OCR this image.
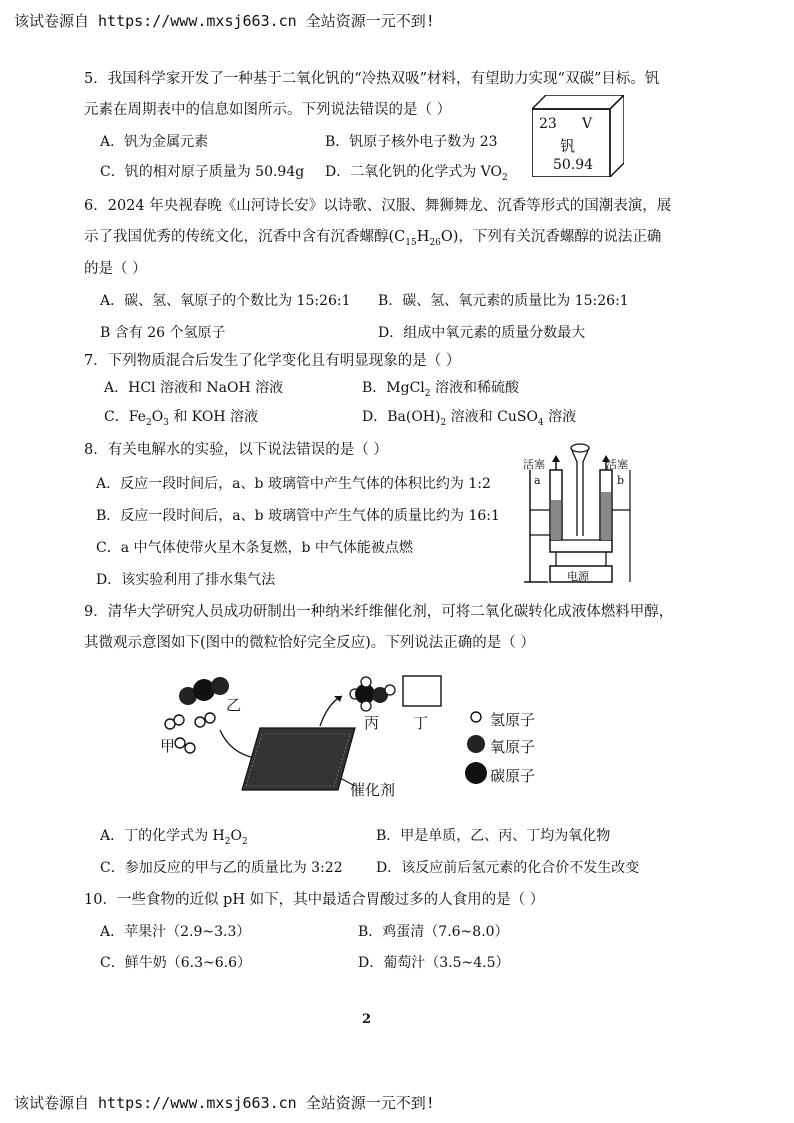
该试卷源自 https://www.mxsj663.cn 全站资源一元不到!
5．我国科学家开发了一种基于二氧化钒的“冷热双吸”材料，有望助力实现“双碳”目标。钒
元素在周期表中的信息如图所示。下列说法错误的是（ ）
A．钒为金属元素	B．钒原子核外电子数为 23
C．钒的相对原子质量为 50.94g D．二氧化钒的化学式为 $VO_2$
23 V
钒
50.94
6．2024 年央视春晚《山河诗长安》以诗歌、汉服、舞狮舞龙、沉香等形式的国潮表演，展
示了我国优秀的传统文化，沉香中含有沉香螺醇$(C_{15}H_{26}O)$，下列有关沉香螺醇的说法正确
的是（ ）
A．碳、氢、氧原子的个数比为 15:26:1 B．碳、氢、氧元素的质量比为 15:26:1
B 含有 26 个氢原子	D．组成中氧元素的质量分数最大
7．下列物质混合后发生了化学变化且有明显现象的是（ ）
A．HCl 溶液和 NaOH 溶液	B．MgCl$_2$ 溶液和稀硫酸
C．$Fe_2O_3$ 和 KOH 溶液	D．$Ba(OH)_2$ 溶液和 CuSO$_4$ 溶液
8．有关电解水的实验，以下说法错误的是（ ）
A．反应一段时间后，a、b 玻璃管中产生气体的体积比约为 1:2
B．反应一段时间后，a、b 玻璃管中产生气体的质量比约为 16:1
C．a 中气体使带火星木条复燃，b 中气体能被点燃
D．该实验利用了排水集气法
活塞	活塞
a	b
电源
9．清华大学研究人员成功研制出一种纳米纤维催化剂，可将二氧化碳转化成液体燃料甲醇，
其微观示意图如下(图中的微粒恰好完全反应)。下列说法正确的是（ ）
乙
甲
丙 丁
催化剂
氢原子
氧原子
碳原子
A．丁的化学式为 $H_2O_2$	B．甲是单质，乙、丙、丁均为氧化物
C．参加反应的甲与乙的质量比为 3:22 D．该反应前后氢元素的化合价不发生改变
10．一些食物的近似 pH 如下，其中最适合胃酸过多的人食用的是（ ）
A．苹果汁（2.9~3.3）	B．鸡蛋清（7.6~8.0）
C．鲜牛奶（6.3~6.6）	D．葡萄汁（3.5~4.5）
2
该试卷源自 https://www.mxsj663.cn 全站资源一元不到!
